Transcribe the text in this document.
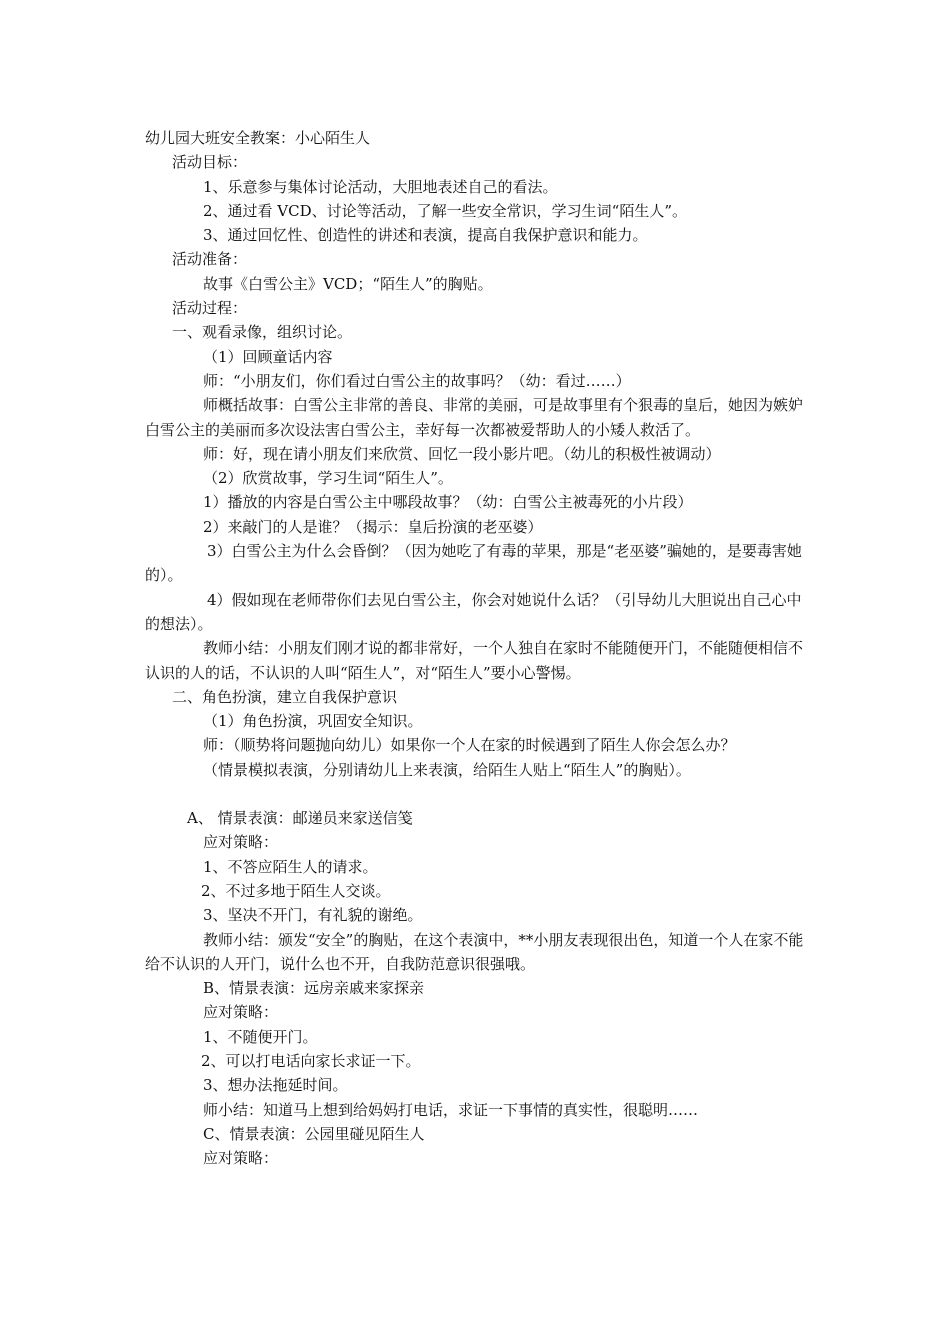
幼儿园大班安全教案：小心陌生人

活动目标：

1、乐意参与集体讨论活动，大胆地表述自己的看法。

2、通过看 VCD、讨论等活动，了解一些安全常识，学习生词“陌生人”。

3、通过回忆性、创造性的讲述和表演，提高自我保护意识和能力。

活动准备：

故事《白雪公主》VCD；“陌生人”的胸贴。

活动过程：

一、观看录像，组织讨论。

（1）回顾童话内容

师：“小朋友们，你们看过白雪公主的故事吗？（幼：看过……）

师概括故事：白雪公主非常的善良、非常的美丽，可是故事里有个狠毒的皇后，她因为嫉妒白雪公主的美丽而多次设法害白雪公主，幸好每一次都被爱帮助人的小矮人救活了。

师：好，现在请小朋友们来欣赏、回忆一段小影片吧。（幼儿的积极性被调动）

（2）欣赏故事，学习生词“陌生人”。

1）播放的内容是白雪公主中哪段故事？（幼：白雪公主被毒死的小片段）

2）来敲门的人是谁？（揭示：皇后扮演的老巫婆）

3）白雪公主为什么会昏倒？（因为她吃了有毒的苹果，那是“老巫婆”骗她的，是要毒害她的）。

4）假如现在老师带你们去见白雪公主，你会对她说什么话？（引导幼儿大胆说出自己心中的想法）。

教师小结：小朋友们刚才说的都非常好，一个人独自在家时不能随便开门，不能随便相信不认识的人的话，不认识的人叫“陌生人”，对“陌生人”要小心警惕。

二、角色扮演，建立自我保护意识

（1）角色扮演，巩固安全知识。

师：（顺势将问题抛向幼儿）如果你一个人在家的时候遇到了陌生人你会怎么办？

（情景模拟表演，分别请幼儿上来表演，给陌生人贴上“陌生人”的胸贴）。

A、 情景表演：邮递员来家送信笺

应对策略：

1、不答应陌生人的请求。

2、不过多地于陌生人交谈。

3、坚决不开门，有礼貌的谢绝。

教师小结：颁发“安全”的胸贴，在这个表演中，**小朋友表现很出色，知道一个人在家不能给不认识的人开门，说什么也不开，自我防范意识很强哦。

B、情景表演：远房亲戚来家探亲

应对策略：

1、不随便开门。

2、可以打电话向家长求证一下。

3、想办法拖延时间。

师小结：知道马上想到给妈妈打电话，求证一下事情的真实性，很聪明……

C、情景表演：公园里碰见陌生人

应对策略：
